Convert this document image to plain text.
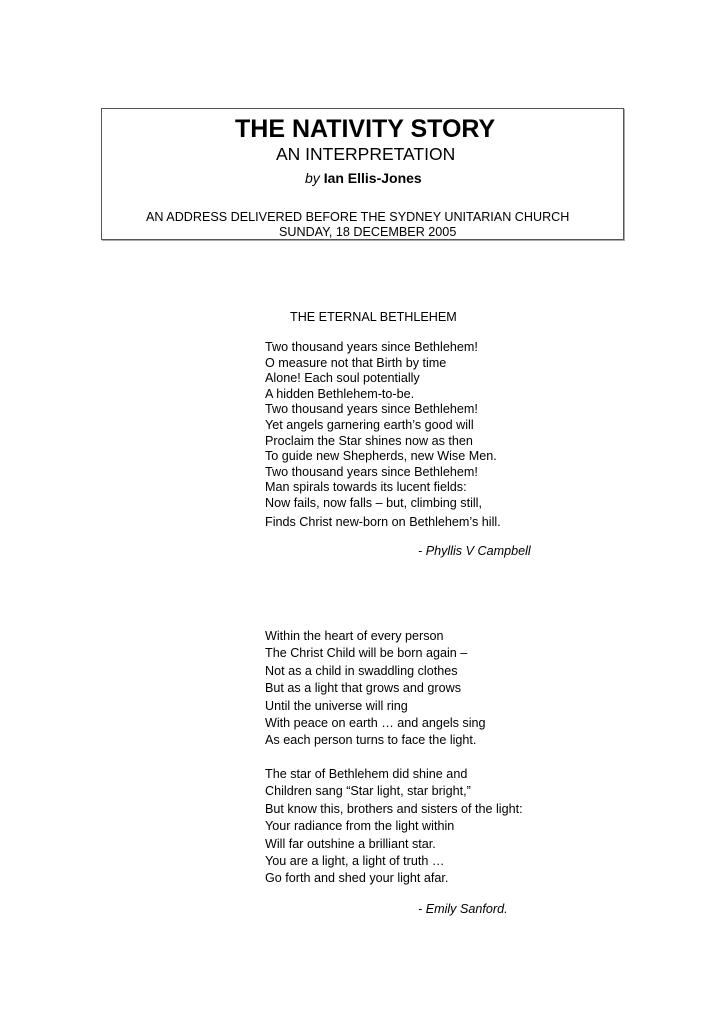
THE NATIVITY STORY
AN INTERPRETATION
by Ian Ellis-Jones
AN ADDRESS DELIVERED BEFORE THE SYDNEY UNITARIAN CHURCH
SUNDAY, 18 DECEMBER 2005
THE ETERNAL BETHLEHEM
Two thousand years since Bethlehem!
O measure not that Birth by time
Alone! Each soul potentially
A hidden Bethlehem-to-be.
Two thousand years since Bethlehem!
Yet angels garnering earth’s good will
Proclaim the Star shines now as then
To guide new Shepherds, new Wise Men.
Two thousand years since Bethlehem!
Man spirals towards its lucent fields:
Now fails, now falls – but, climbing still,
Finds Christ new-born on Bethlehem’s hill.
- Phyllis V Campbell
Within the heart of every person
The Christ Child will be born again –
Not as a child in swaddling clothes
But as a light that grows and grows
Until the universe will ring
With peace on earth … and angels sing
As each person turns to face the light.
The star of Bethlehem did shine and
Children sang “Star light, star bright,”
But know this, brothers and sisters of the light:
Your radiance from the light within
Will far outshine a brilliant star.
You are a light, a light of truth …
Go forth and shed your light afar.
- Emily Sanford.
